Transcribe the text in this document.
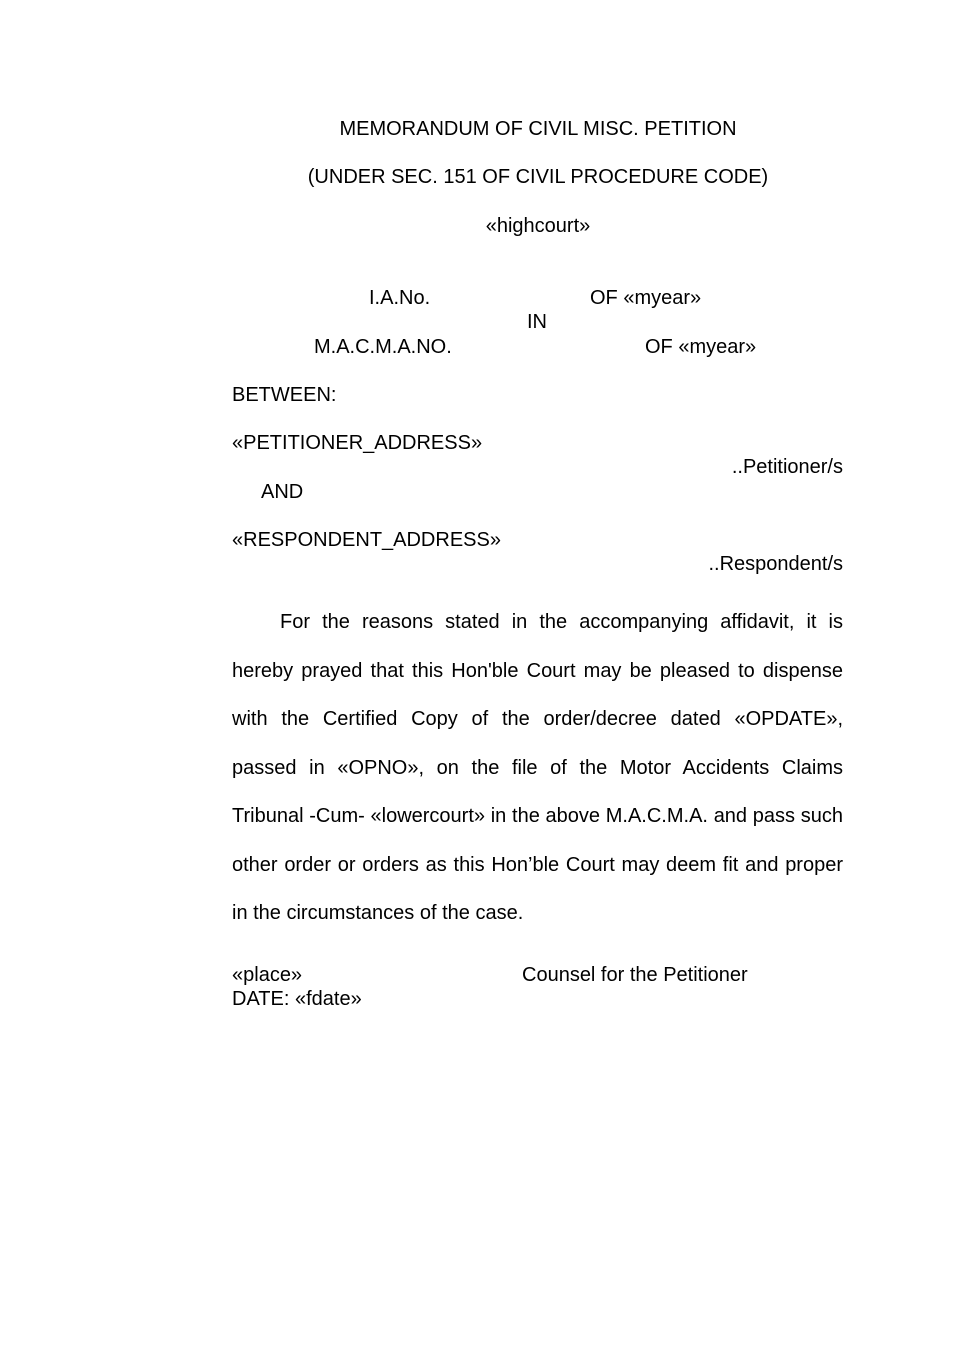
MEMORANDUM OF CIVIL MISC. PETITION
(UNDER SEC. 151 OF CIVIL PROCEDURE CODE)
«highcourt»
I.A.No.	OF «myear»
IN
M.A.C.M.A.NO.	OF «myear»
BETWEEN:
«PETITIONER_ADDRESS»
..Petitioner/s
AND
«RESPONDENT_ADDRESS»
..Respondent/s

For the reasons stated in the accompanying affidavit, it is hereby prayed that this Hon'ble Court may be pleased to dispense with the Certified Copy of the order/decree dated «OPDATE», passed in «OPNO», on the file of the Motor Accidents Claims Tribunal -Cum- «lowercourt» in the above M.A.C.M.A. and pass such other order or orders as this Hon’ble Court may deem fit and proper in the circumstances of the case.

«place»	Counsel for the Petitioner
DATE: «fdate»
